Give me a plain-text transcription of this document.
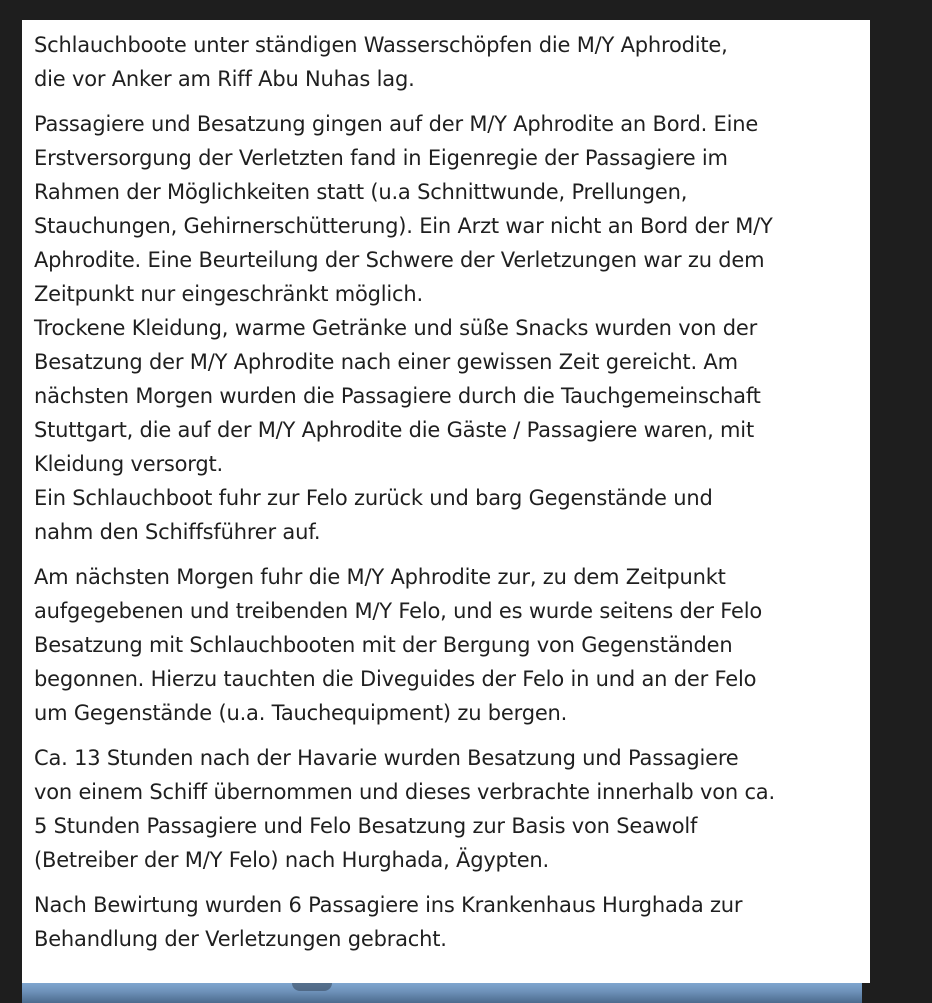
Schlauchboote unter ständigen Wasserschöpfen die M/Y Aphrodite,
die vor Anker am Riff Abu Nuhas lag.

Passagiere und Besatzung gingen auf der M/Y Aphrodite an Bord. Eine
Erstversorgung der Verletzten fand in Eigenregie der Passagiere im
Rahmen der Möglichkeiten statt (u.a Schnittwunde, Prellungen,
Stauchungen, Gehirnerschütterung). Ein Arzt war nicht an Bord der M/Y
Aphrodite. Eine Beurteilung der Schwere der Verletzungen war zu dem
Zeitpunkt nur eingeschränkt möglich.
Trockene Kleidung, warme Getränke und süße Snacks wurden von der
Besatzung der M/Y Aphrodite nach einer gewissen Zeit gereicht. Am
nächsten Morgen wurden die Passagiere durch die Tauchgemeinschaft
Stuttgart, die auf der M/Y Aphrodite die Gäste / Passagiere waren, mit
Kleidung versorgt.
Ein Schlauchboot fuhr zur Felo zurück und barg Gegenstände und
nahm den Schiffsführer auf.

Am nächsten Morgen fuhr die M/Y Aphrodite zur, zu dem Zeitpunkt
aufgegebenen und treibenden M/Y Felo, und es wurde seitens der Felo
Besatzung mit Schlauchbooten mit der Bergung von Gegenständen
begonnen. Hierzu tauchten die Diveguides der Felo in und an der Felo
um Gegenstände (u.a. Tauchequipment) zu bergen.

Ca. 13 Stunden nach der Havarie wurden Besatzung und Passagiere
von einem Schiff übernommen und dieses verbrachte innerhalb von ca.
5 Stunden Passagiere und Felo Besatzung zur Basis von Seawolf
(Betreiber der M/Y Felo) nach Hurghada, Ägypten.

Nach Bewirtung wurden 6 Passagiere ins Krankenhaus Hurghada zur
Behandlung der Verletzungen gebracht.
